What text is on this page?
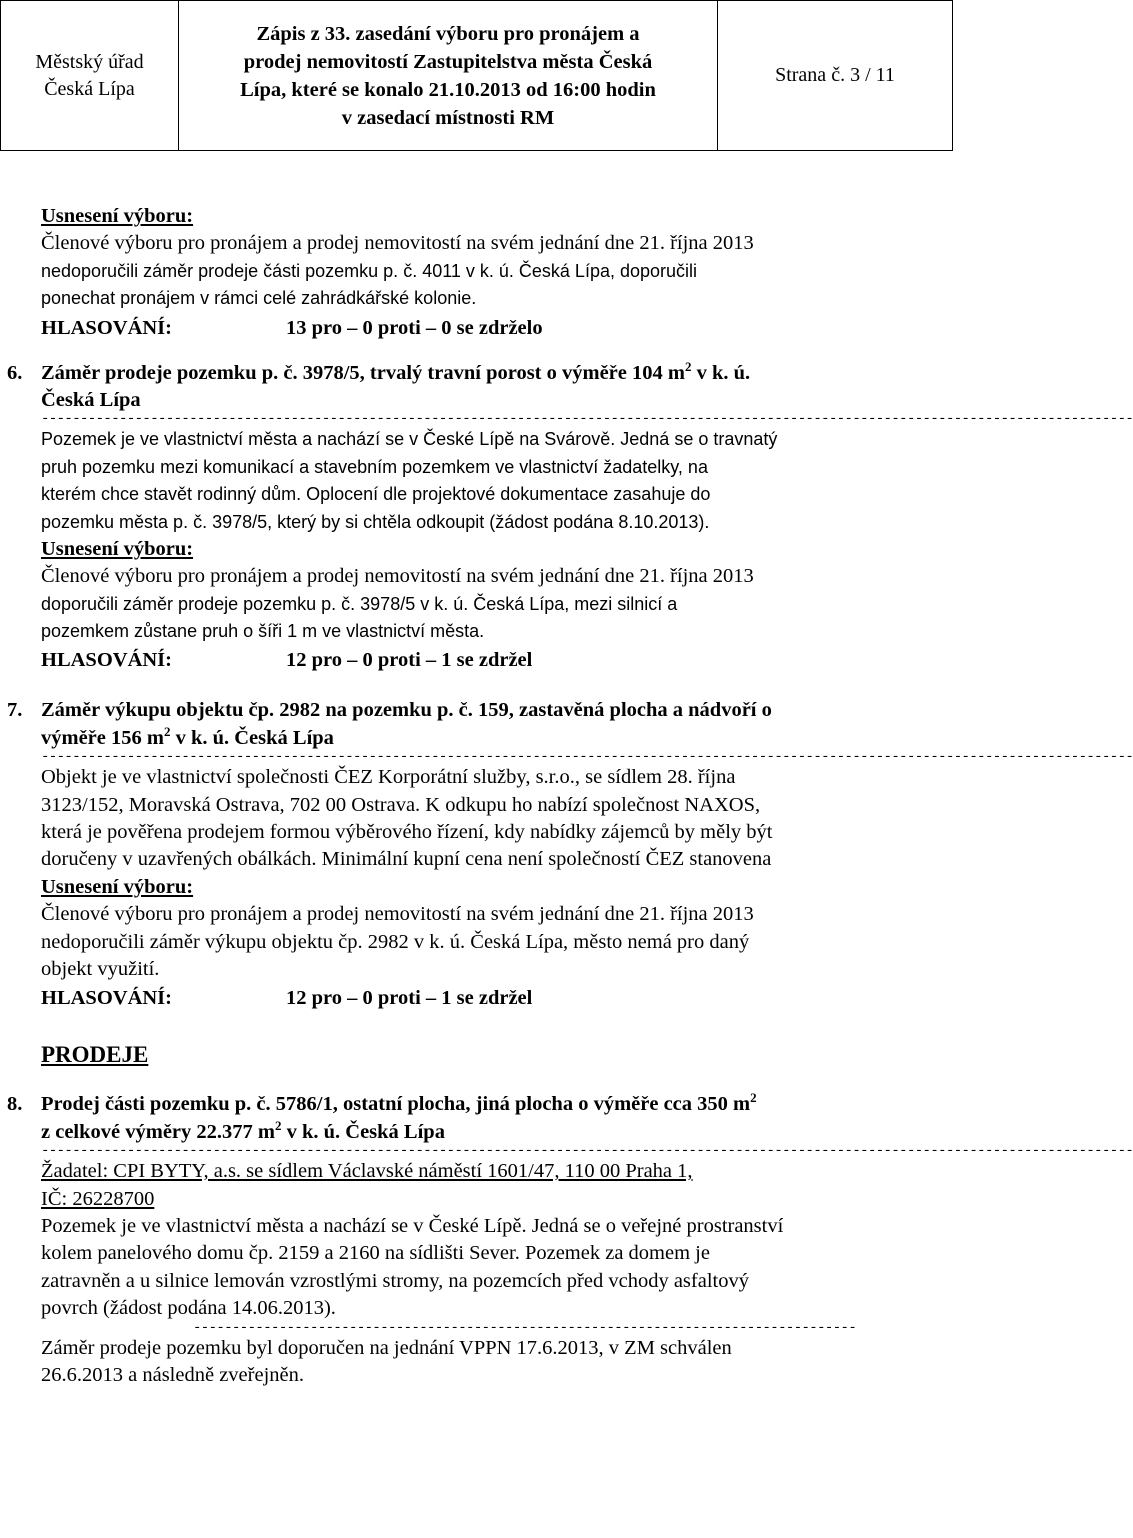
Městský úřad
Česká Lípa
Zápis z 33. zasedání výboru pro pronájem a
prodej nemovitostí Zastupitelstva města Česká
Lípa, které se konalo 21.10.2013 od 16:00 hodin
v zasedací místnosti RM
Strana č. 3 / 11
Usnesení výboru:
Členové výboru pro pronájem a prodej nemovitostí na svém jednání dne 21. října 2013
nedoporučili záměr prodeje části pozemku p. č. 4011 v k. ú. Česká Lípa, doporučili
ponechat pronájem v rámci celé zahrádkářské kolonie.
HLASOVÁNÍ:	13 pro – 0 proti – 0 se zdrželo
6. Záměr prodeje pozemku p. č. 3978/5, trvalý travní porost o výměře 104 $m^2$ v k. ú.
Česká Lípa
--------------------------------------------------------------------------------------------------------------------------------------------
Pozemek je ve vlastnictví města a nachází se v České Lípě na Svárově. Jedná se o travnatý
pruh pozemku mezi komunikací a stavebním pozemkem ve vlastnictví žadatelky, na
kterém chce stavět rodinný dům. Oplocení dle projektové dokumentace zasahuje do
pozemku města p. č. 3978/5, který by si chtěla odkoupit (žádost podána 8.10.2013).
Usnesení výboru:
Členové výboru pro pronájem a prodej nemovitostí na svém jednání dne 21. října 2013
doporučili záměr prodeje pozemku p. č. 3978/5 v k. ú. Česká Lípa, mezi silnicí a
pozemkem zůstane pruh o šíři 1 m ve vlastnictví města.
HLASOVÁNÍ:	12 pro – 0 proti – 1 se zdržel
7. Záměr výkupu objektu čp. 2982 na pozemku p. č. 159, zastavěná plocha a nádvoří o
výměře 156 $m^2$ v k. ú. Česká Lípa
--------------------------------------------------------------------------------------------------------------------------------------------
Objekt je ve vlastnictví společnosti ČEZ Korporátní služby, s.r.o., se sídlem 28. října
3123/152, Moravská Ostrava, 702 00 Ostrava. K odkupu ho nabízí společnost NAXOS,
která je pověřena prodejem formou výběrového řízení, kdy nabídky zájemců by měly být
doručeny v uzavřených obálkách. Minimální kupní cena není společností ČEZ stanovena
Usnesení výboru:
Členové výboru pro pronájem a prodej nemovitostí na svém jednání dne 21. října 2013
nedoporučili záměr výkupu objektu čp. 2982 v k. ú. Česká Lípa, město nemá pro daný
objekt využití.
HLASOVÁNÍ:	12 pro – 0 proti – 1 se zdržel
PRODEJE
8. Prodej části pozemku p. č. 5786/1, ostatní plocha, jiná plocha o výměře cca 350 $m^2$
z celkové výměry 22.377 $m^2$ v k. ú. Česká Lípa
--------------------------------------------------------------------------------------------------------------------------------------------
Žadatel: CPI BYTY, a.s. se sídlem Václavské náměstí 1601/47, 110 00 Praha 1,
IČ: 26228700
Pozemek je ve vlastnictví města a nachází se v České Lípě. Jedná se o veřejné prostranství
kolem panelového domu čp. 2159 a 2160 na sídlišti Sever. Pozemek za domem je
zatravněn a u silnice lemován vzrostlými stromy, na pozemcích před vchody asfaltový
povrch (žádost podána 14.06.2013).
-------------------------------------------------------------------------------------
Záměr prodeje pozemku byl doporučen na jednání VPPN 17.6.2013, v ZM schválen
26.6.2013 a následně zveřejněn.
